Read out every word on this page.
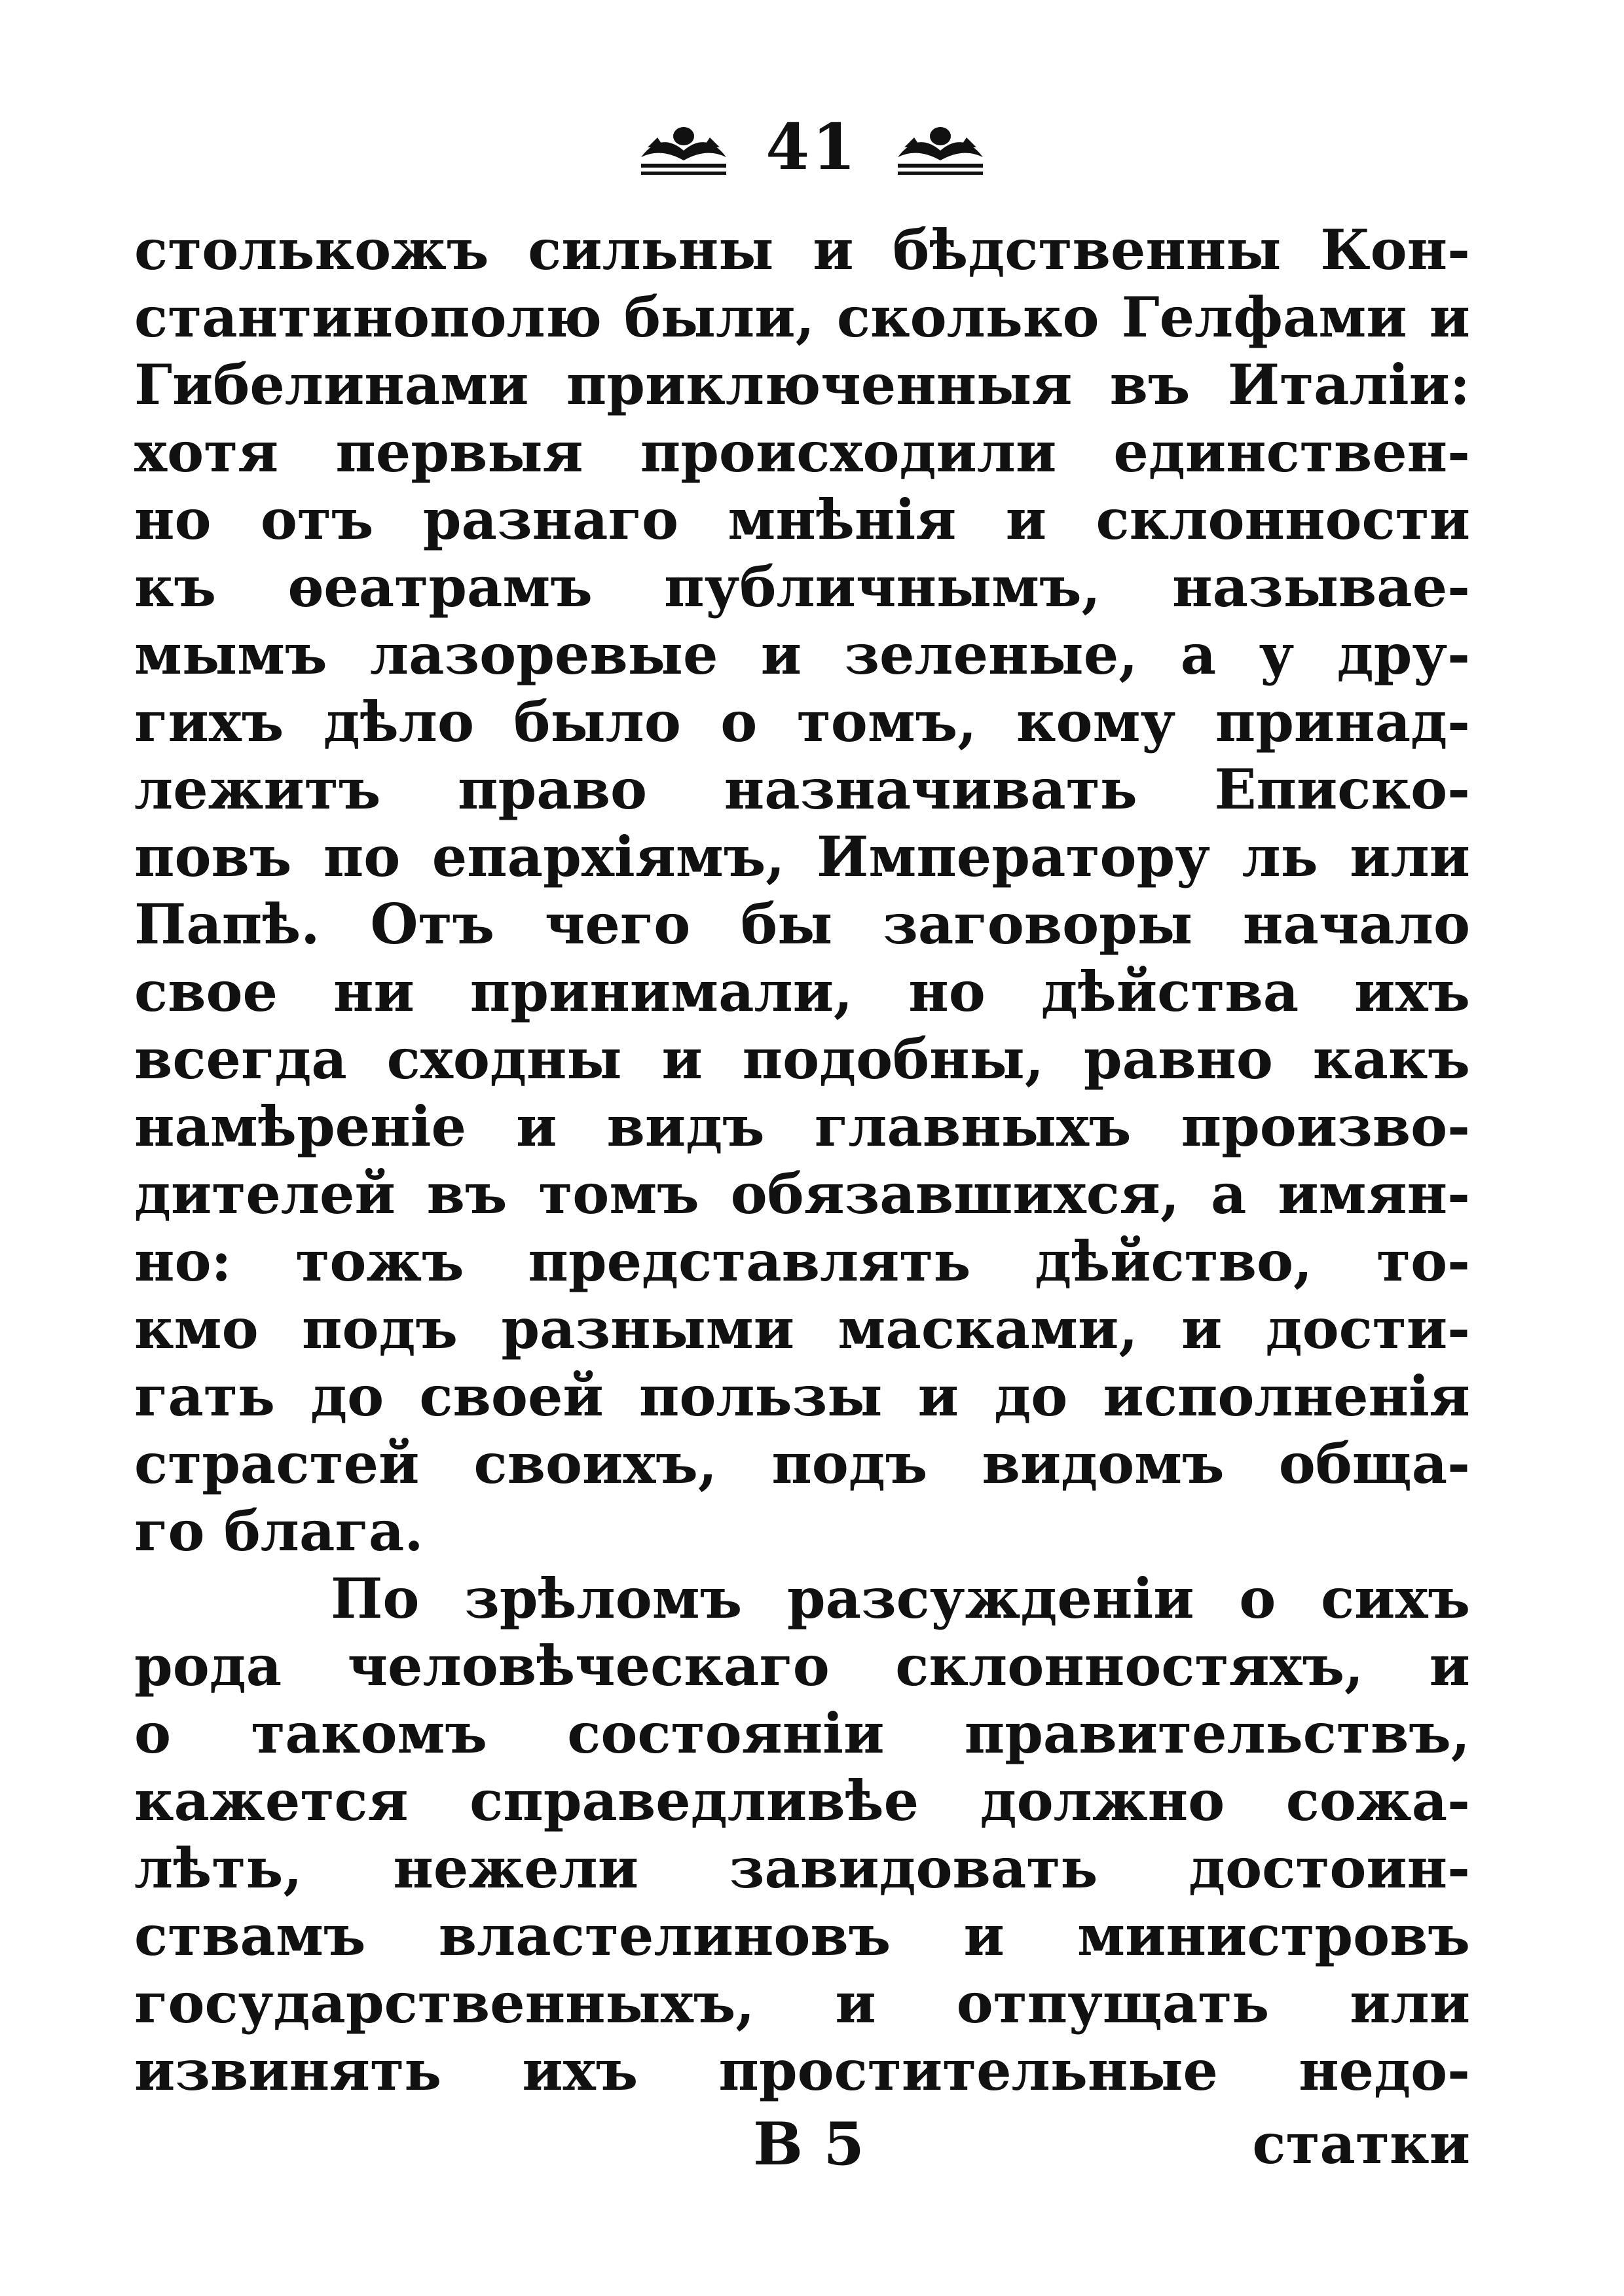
41
столькожъ сильны и бѣдственны Кон-
стантинополю были, сколько Гелфами и
Гибелинами приключенныя въ Италіи:
хотя первыя происходили единствен-
но отъ разнаго мнѣнія и склонности
къ ѳеатрамъ публичнымъ, называе-
мымъ лазоревые и зеленые, а у дру-
гихъ дѣло было о томъ, кому принад-
лежитъ право назначивать Еписко-
повъ по епархіямъ, Императору ль или
Папѣ. Отъ чего бы заговоры начало
свое ни принимали, но дѣйства ихъ
всегда сходны и подобны, равно какъ
намѣреніе и видъ главныхъ произво-
дителей въ томъ обязавшихся, а имян-
но: тожъ представлять дѣйство, то-
кмо подъ разными масками, и дости-
гать до своей пользы и до исполненія
страстей своихъ, подъ видомъ общa-
го блага.
По зрѣломъ разсужденіи о сихъ
рода человѣческаго склонностяхъ, и
о такомъ состояніи правительствъ,
кажется справедливѣе должно сожа-
лѣть, нежели завидовать достоин-
ствамъ властелиновъ и министровъ
государственныхъ, и отпущать или
извинять ихъ простительные недо-
В 5	статки
